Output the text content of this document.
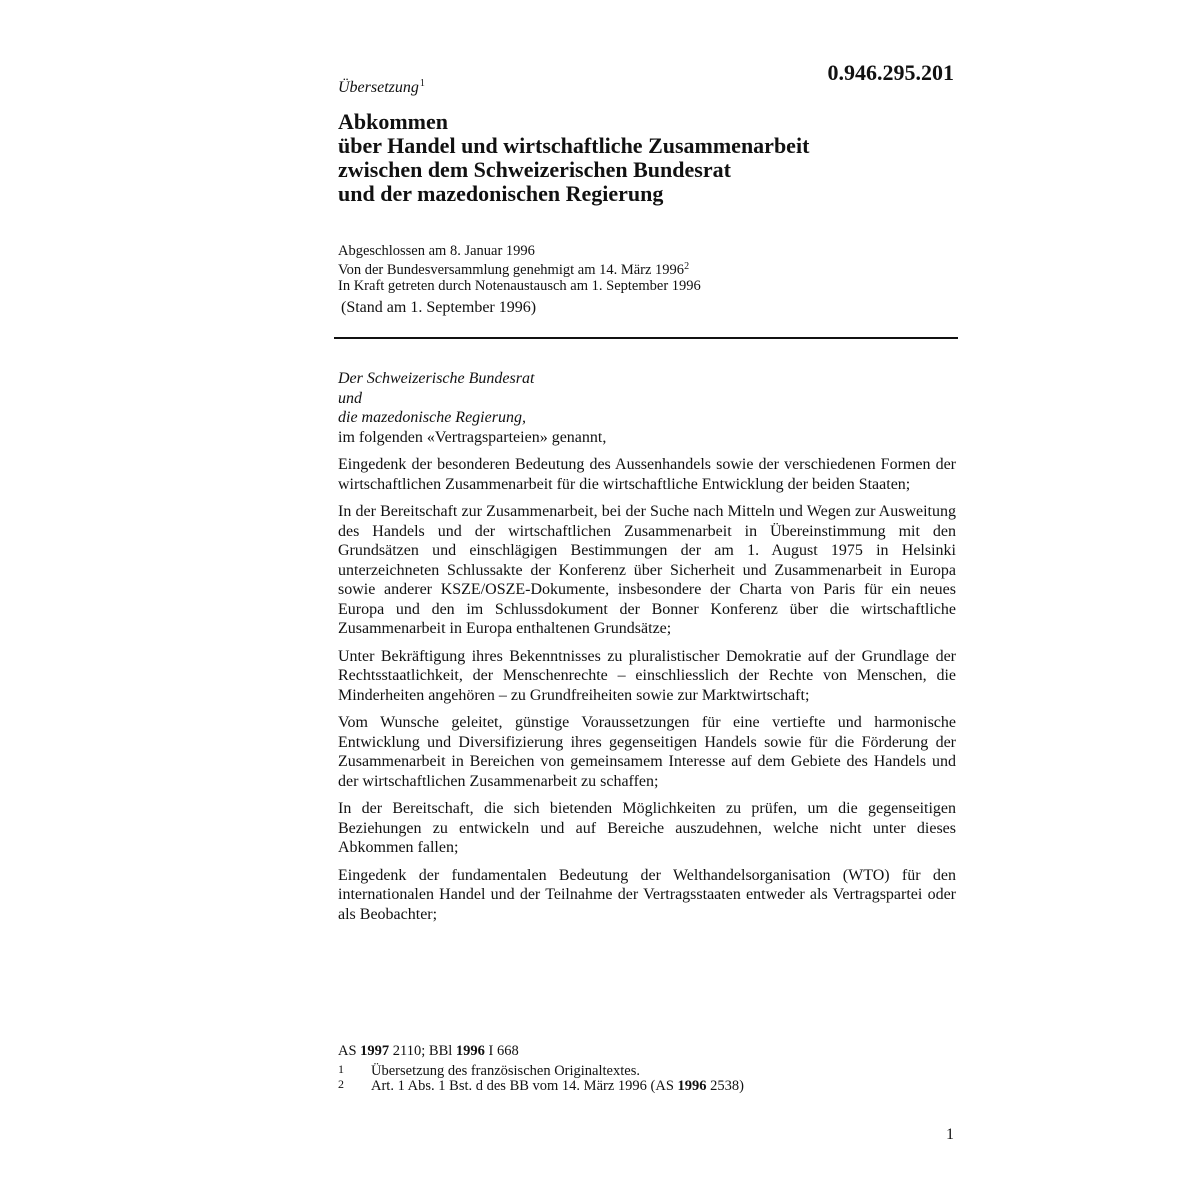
Übersetzung$^1$	0.946.295.201
Abkommen
über Handel und wirtschaftliche Zusammenarbeit
zwischen dem Schweizerischen Bundesrat
und der mazedonischen Regierung
Abgeschlossen am 8. Januar 1996
Von der Bundesversammlung genehmigt am 14. März 1996$^2$
In Kraft getreten durch Notenaustausch am 1. September 1996
(Stand am 1. September 1996)
Der Schweizerische Bundesrat
und
die mazedonische Regierung,
im folgenden «Vertragsparteien» genannt,

Eingedenk der besonderen Bedeutung des Aussenhandels sowie der verschiedenen Formen der wirtschaftlichen Zusammenarbeit für die wirtschaftliche Entwicklung der beiden Staaten;

In der Bereitschaft zur Zusammenarbeit, bei der Suche nach Mitteln und Wegen zur Ausweitung des Handels und der wirtschaftlichen Zusammenarbeit in Übereinstimmung mit den Grundsätzen und einschlägigen Bestimmungen der am 1. August 1975 in Helsinki unterzeichneten Schlussakte der Konferenz über Sicherheit und Zusammenarbeit in Europa sowie anderer KSZE/OSZE-Dokumente, insbesondere der Charta von Paris für ein neues Europa und den im Schlussdokument der Bonner Konferenz über die wirtschaftliche Zusammenarbeit in Europa enthaltenen Grundsätze;

Unter Bekräftigung ihres Bekenntnisses zu pluralistischer Demokratie auf der Grundlage der Rechtsstaatlichkeit, der Menschenrechte – einschliesslich der Rechte von Menschen, die Minderheiten angehören – zu Grundfreiheiten sowie zur Marktwirtschaft;

Vom Wunsche geleitet, günstige Voraussetzungen für eine vertiefte und harmonische Entwicklung und Diversifizierung ihres gegenseitigen Handels sowie für die Förderung der Zusammenarbeit in Bereichen von gemeinsamem Interesse auf dem Gebiete des Handels und der wirtschaftlichen Zusammenarbeit zu schaffen;

In der Bereitschaft, die sich bietenden Möglichkeiten zu prüfen, um die gegenseitigen Beziehungen zu entwickeln und auf Bereiche auszudehnen, welche nicht unter dieses Abkommen fallen;

Eingedenk der fundamentalen Bedeutung der Welthandelsorganisation (WTO) für den internationalen Handel und der Teilnahme der Vertragsstaaten entweder als Vertragspartei oder als Beobachter;

AS 1997 2110; BBl 1996 I 668
1	Übersetzung des französischen Originaltextes.
2	Art. 1 Abs. 1 Bst. d des BB vom 14. März 1996 (AS 1996 2538)
1
